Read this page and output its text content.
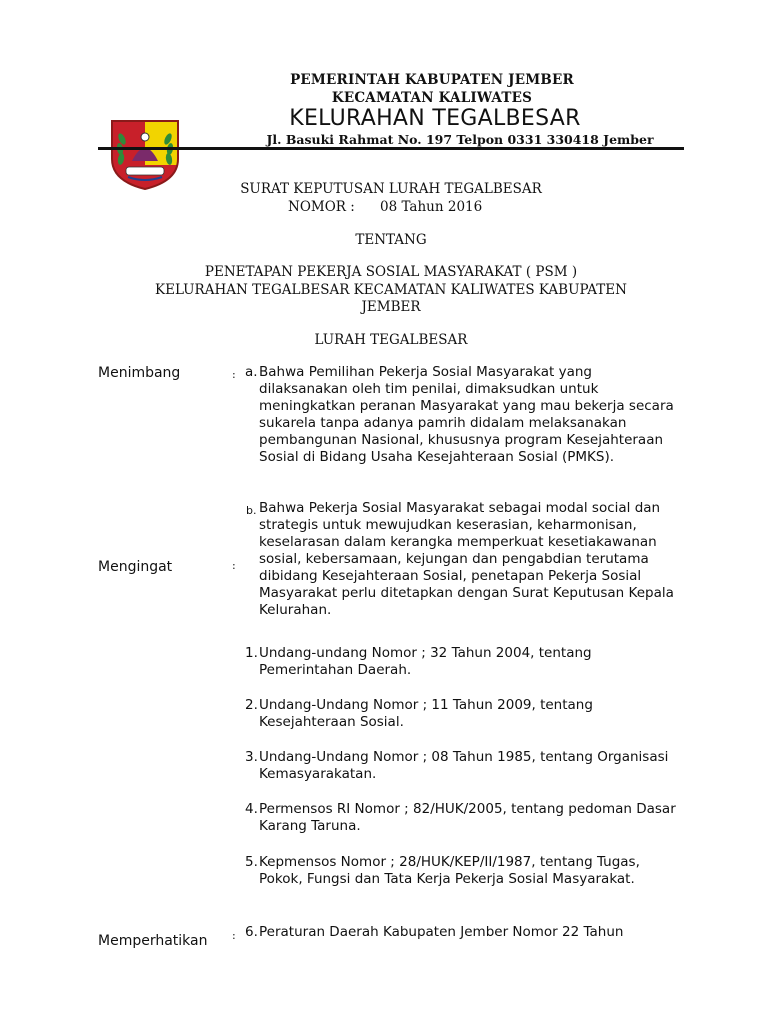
PEMERINTAH KABUPATEN JEMBER
KECAMATAN KALIWATES
KELURAHAN TEGALBESAR
Jl. Basuki Rahmat No. 197 Telpon 0331 330418 Jember
SURAT KEPUTUSAN LURAH TEGALBESAR
NOMOR : 08 Tahun 2016
TENTANG
PENETAPAN PEKERJA SOSIAL MASYARAKAT ( PSM )
KELURAHAN TEGALBESAR KECAMATAN KALIWATES KABUPATEN
JEMBER
LURAH TEGALBESAR
Menimbang	: a. Bahwa Pemilihan Pekerja Sosial Masyarakat yang dilaksanakan oleh tim penilai, dimaksudkan untuk meningkatkan peranan Masyarakat yang mau bekerja secara sukarela tanpa adanya pamrih didalam melaksanakan pembangunan Nasional, khususnya program Kesejahteraan Sosial di Bidang Usaha Kesejahteraan Sosial (PMKS).
b. Bahwa Pekerja Sosial Masyarakat sebagai modal social dan strategis untuk mewujudkan keserasian, keharmonisan, keselarasan dalam kerangka memperkuat kesetiakawanan sosial, kebersamaan, kejungan dan pengabdian terutama dibidang Kesejahteraan Sosial, penetapan Pekerja Sosial Masyarakat perlu ditetapkan dengan Surat Keputusan Kepala Kelurahan.
Mengingat	:
1. Undang-undang Nomor ; 32 Tahun 2004, tentang Pemerintahan Daerah.
2. Undang-Undang Nomor ; 11 Tahun 2009, tentang Kesejahteraan Sosial.
3. Undang-Undang Nomor ; 08 Tahun 1985, tentang Organisasi Kemasyarakatan.
4. Permensos RI Nomor ; 82/HUK/2005, tentang pedoman Dasar Karang Taruna.
5. Kepmensos Nomor ; 28/HUK/KEP/II/1987, tentang Tugas, Pokok, Fungsi dan Tata Kerja Pekerja Sosial Masyarakat.
Memperhatikan : 6. Peraturan Daerah Kabupaten Jember Nomor 22 Tahun
